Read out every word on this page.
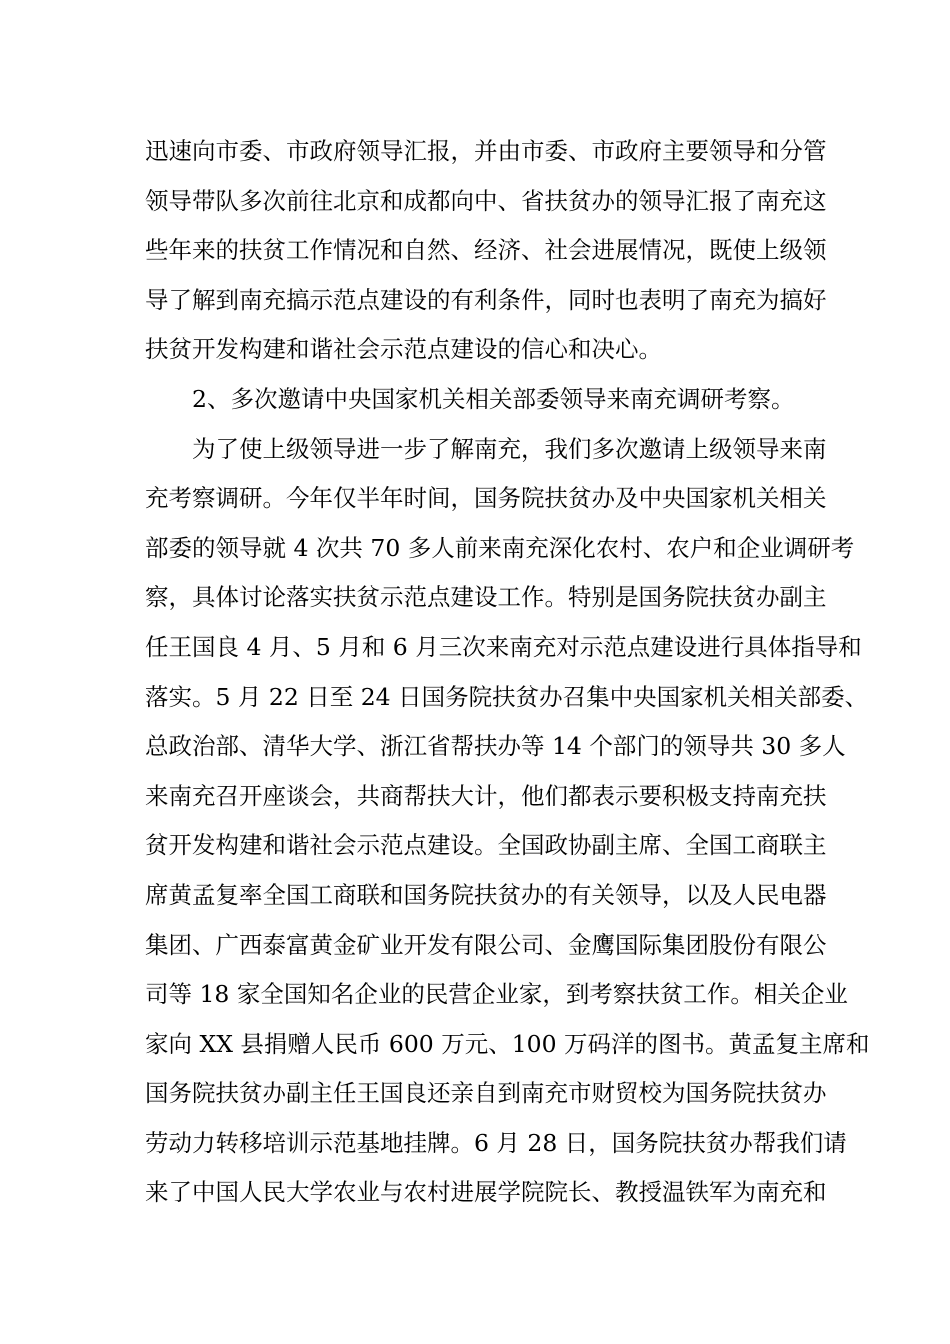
迅速向市委、市政府领导汇报，并由市委、市政府主要领导和分管
领导带队多次前往北京和成都向中、省扶贫办的领导汇报了南充这
些年来的扶贫工作情况和自然、经济、社会进展情况，既使上级领
导了解到南充搞示范点建设的有利条件，同时也表明了南充为搞好
扶贫开发构建和谐社会示范点建设的信心和决心。
2、多次邀请中央国家机关相关部委领导来南充调研考察。
为了使上级领导进一步了解南充，我们多次邀请上级领导来南
充考察调研。今年仅半年时间，国务院扶贫办及中央国家机关相关
部委的领导就 4 次共 70 多人前来南充深化农村、农户和企业调研考
察，具体讨论落实扶贫示范点建设工作。特别是国务院扶贫办副主
任王国良 4 月、5 月和 6 月三次来南充对示范点建设进行具体指导和
落实。5 月 22 日至 24 日国务院扶贫办召集中央国家机关相关部委、
总政治部、清华大学、浙江省帮扶办等 14 个部门的领导共 30 多人
来南充召开座谈会，共商帮扶大计，他们都表示要积极支持南充扶
贫开发构建和谐社会示范点建设。全国政协副主席、全国工商联主
席黄孟复率全国工商联和国务院扶贫办的有关领导，以及人民电器
集团、广西泰富黄金矿业开发有限公司、金鹰国际集团股份有限公
司等 18 家全国知名企业的民营企业家，到考察扶贫工作。相关企业
家向 XX 县捐赠人民币 600 万元、100 万码洋的图书。黄孟复主席和
国务院扶贫办副主任王国良还亲自到南充市财贸校为国务院扶贫办
劳动力转移培训示范基地挂牌。6 月 28 日，国务院扶贫办帮我们请
来了中国人民大学农业与农村进展学院院长、教授温铁军为南充和
